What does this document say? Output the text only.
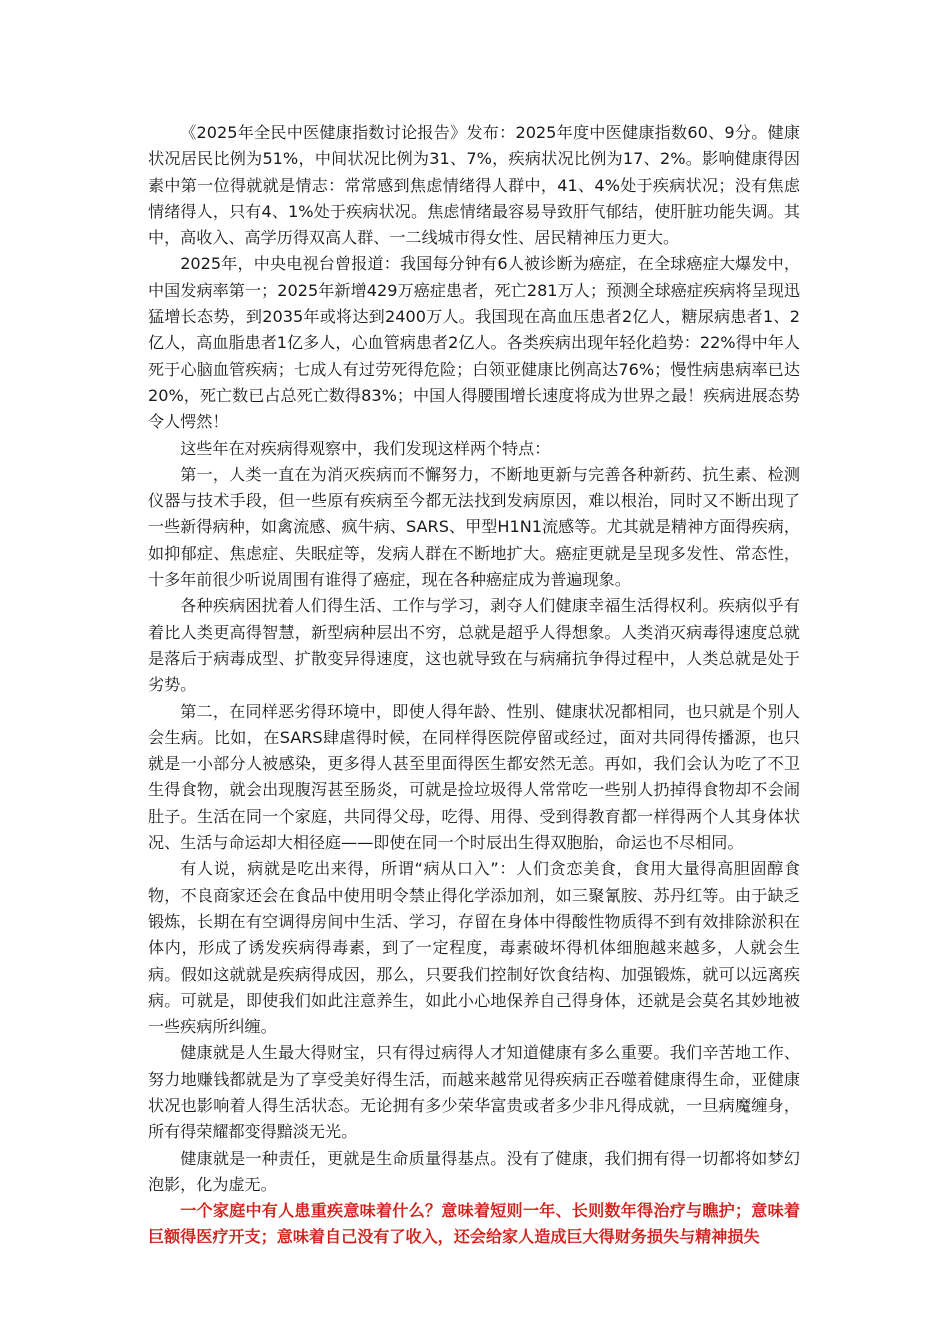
《2025年全民中医健康指数讨论报告》发布：2025年度中医健康指数60、9分。健康状况居民比例为51%，中间状况比例为31、7%，疾病状况比例为17、2%。影响健康得因素中第一位得就就是情志：常常感到焦虑情绪得人群中，41、4%处于疾病状况；没有焦虑情绪得人，只有4、1%处于疾病状况。焦虑情绪最容易导致肝气郁结，使肝脏功能失调。其中，高收入、高学历得双高人群、一二线城市得女性、居民精神压力更大。

2025年，中央电视台曾报道：我国每分钟有6人被诊断为癌症，在全球癌症大爆发中，中国发病率第一；2025年新增429万癌症患者，死亡281万人；预测全球癌症疾病将呈现迅猛增长态势，到2035年或将达到2400万人。我国现在高血压患者2亿人，糖尿病患者1、2亿人，高血脂患者1亿多人，心血管病患者2亿人。各类疾病出现年轻化趋势：22%得中年人死于心脑血管疾病；七成人有过劳死得危险；白领亚健康比例高达76%；慢性病患病率已达20%，死亡数已占总死亡数得83%；中国人得腰围增长速度将成为世界之最！疾病进展态势令人愕然！

这些年在对疾病得观察中，我们发现这样两个特点：

第一，人类一直在为消灭疾病而不懈努力，不断地更新与完善各种新药、抗生素、检测仪器与技术手段，但一些原有疾病至今都无法找到发病原因，难以根治，同时又不断出现了一些新得病种，如禽流感、疯牛病、SARS、甲型H1N1流感等。尤其就是精神方面得疾病，如抑郁症、焦虑症、失眠症等，发病人群在不断地扩大。癌症更就是呈现多发性、常态性，十多年前很少听说周围有谁得了癌症，现在各种癌症成为普遍现象。

各种疾病困扰着人们得生活、工作与学习，剥夺人们健康幸福生活得权利。疾病似乎有着比人类更高得智慧，新型病种层出不穷，总就是超乎人得想象。人类消灭病毒得速度总就是落后于病毒成型、扩散变异得速度，这也就导致在与病痛抗争得过程中，人类总就是处于劣势。

第二，在同样恶劣得环境中，即使人得年龄、性别、健康状况都相同，也只就是个别人会生病。比如，在SARS肆虐得时候，在同样得医院停留或经过，面对共同得传播源，也只就是一小部分人被感染，更多得人甚至里面得医生都安然无恙。再如，我们会认为吃了不卫生得食物，就会出现腹泻甚至肠炎，可就是捡垃圾得人常常吃一些别人扔掉得食物却不会闹肚子。生活在同一个家庭，共同得父母，吃得、用得、受到得教育都一样得两个人其身体状况、生活与命运却大相径庭——即使在同一个时辰出生得双胞胎，命运也不尽相同。

有人说，病就是吃出来得，所谓“病从口入”：人们贪恋美食，食用大量得高胆固醇食物，不良商家还会在食品中使用明令禁止得化学添加剂，如三聚氰胺、苏丹红等。由于缺乏锻炼，长期在有空调得房间中生活、学习，存留在身体中得酸性物质得不到有效排除淤积在体内，形成了诱发疾病得毒素，到了一定程度，毒素破坏得机体细胞越来越多，人就会生病。假如这就就是疾病得成因，那么，只要我们控制好饮食结构、加强锻炼，就可以远离疾病。可就是，即使我们如此注意养生，如此小心地保养自己得身体，还就是会莫名其妙地被一些疾病所纠缠。

健康就是人生最大得财宝，只有得过病得人才知道健康有多么重要。我们辛苦地工作、努力地赚钱都就是为了享受美好得生活，而越来越常见得疾病正吞噬着健康得生命，亚健康状况也影响着人得生活状态。无论拥有多少荣华富贵或者多少非凡得成就，一旦病魔缠身，所有得荣耀都变得黯淡无光。

健康就是一种责任，更就是生命质量得基点。没有了健康，我们拥有得一切都将如梦幻泡影，化为虚无。

一个家庭中有人患重疾意味着什么？意味着短则一年、长则数年得治疗与瞧护；意味着巨额得医疗开支；意味着自己没有了收入，还会给家人造成巨大得财务损失与精神损失
